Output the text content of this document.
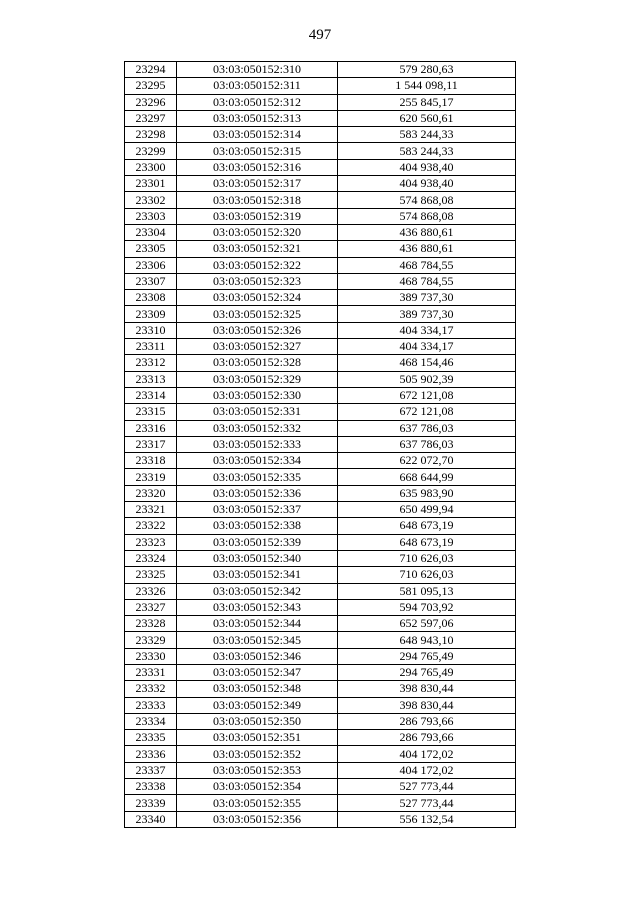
497
23294	03:03:050152:310	579 280,63
23295	03:03:050152:311	1 544 098,11
23296	03:03:050152:312	255 845,17
23297	03:03:050152:313	620 560,61
23298	03:03:050152:314	583 244,33
23299	03:03:050152:315	583 244,33
23300	03:03:050152:316	404 938,40
23301	03:03:050152:317	404 938,40
23302	03:03:050152:318	574 868,08
23303	03:03:050152:319	574 868,08
23304	03:03:050152:320	436 880,61
23305	03:03:050152:321	436 880,61
23306	03:03:050152:322	468 784,55
23307	03:03:050152:323	468 784,55
23308	03:03:050152:324	389 737,30
23309	03:03:050152:325	389 737,30
23310	03:03:050152:326	404 334,17
23311	03:03:050152:327	404 334,17
23312	03:03:050152:328	468 154,46
23313	03:03:050152:329	505 902,39
23314	03:03:050152:330	672 121,08
23315	03:03:050152:331	672 121,08
23316	03:03:050152:332	637 786,03
23317	03:03:050152:333	637 786,03
23318	03:03:050152:334	622 072,70
23319	03:03:050152:335	668 644,99
23320	03:03:050152:336	635 983,90
23321	03:03:050152:337	650 499,94
23322	03:03:050152:338	648 673,19
23323	03:03:050152:339	648 673,19
23324	03:03:050152:340	710 626,03
23325	03:03:050152:341	710 626,03
23326	03:03:050152:342	581 095,13
23327	03:03:050152:343	594 703,92
23328	03:03:050152:344	652 597,06
23329	03:03:050152:345	648 943,10
23330	03:03:050152:346	294 765,49
23331	03:03:050152:347	294 765,49
23332	03:03:050152:348	398 830,44
23333	03:03:050152:349	398 830,44
23334	03:03:050152:350	286 793,66
23335	03:03:050152:351	286 793,66
23336	03:03:050152:352	404 172,02
23337	03:03:050152:353	404 172,02
23338	03:03:050152:354	527 773,44
23339	03:03:050152:355	527 773,44
23340	03:03:050152:356	556 132,54
